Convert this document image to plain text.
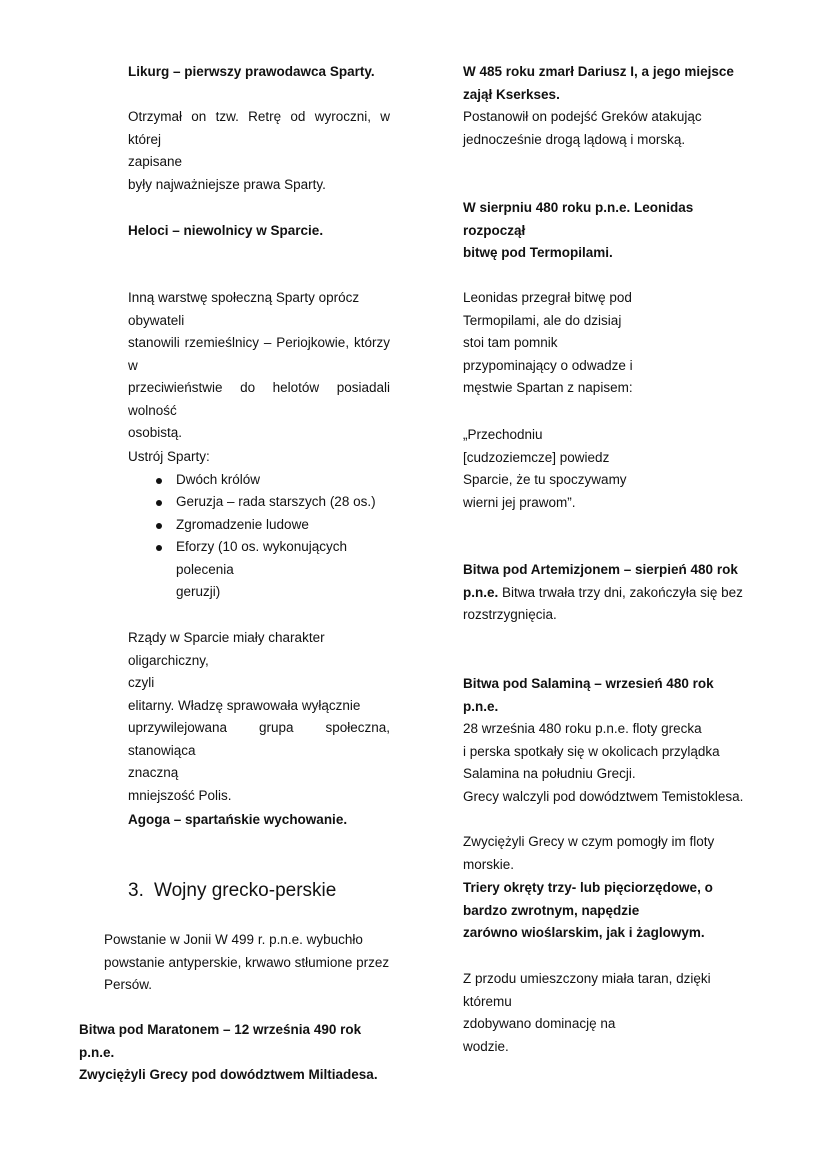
Likurg – pierwszy prawodawca Sparty.

Otrzymał on tzw. Retrę od wyroczni, w której

zapisane

były najważniejsze prawa Sparty.

Heloci – niewolnicy w Sparcie.

Inną warstwę społeczną Sparty oprócz

obywateli

stanowili rzemieślnicy – Periojkowie, którzy w

przeciwieństwie do helotów posiadali wolność

osobistą.

Ustrój Sparty:

Dwóch królów
Geruzja – rada starszych (28 os.)
Zgromadzenie ludowe
Eforzy (10 os. wykonujących polecenia
geruzji)

Rządy w Sparcie miały charakter oligarchiczny,

czyli

elitarny. Władzę sprawowała wyłącznie

uprzywilejowana grupa społeczna, stanowiąca

znaczną

mniejszość Polis.

Agoga – spartańskie wychowanie.

3. Wojny grecko-perskie

Powstanie w Jonii W 499 r. p.n.e. wybuchło

powstanie antyperskie, krwawo stłumione przez

Persów.

Bitwa pod Maratonem – 12 września 490 rok p.n.e.

Zwyciężyli Grecy pod dowództwem Miltiadesa.

W 485 roku zmarł Dariusz I, a jego miejsce

zajął Kserkses.

Postanowił on podejść Greków atakując

jednocześnie drogą lądową i morską.

W sierpniu 480 roku p.n.e. Leonidas rozpoczął

bitwę pod Termopilami.

Leonidas przegrał bitwę pod

Termopilami, ale do dzisiaj

stoi tam pomnik

przypominający o odwadze i

męstwie Spartan z napisem:

„Przechodniu

[cudzoziemcze] powiedz

Sparcie, że tu spoczywamy

wierni jej prawom”.

Bitwa pod Artemizjonem – sierpień 480 rok

p.n.e. Bitwa trwała trzy dni, zakończyła się bez

rozstrzygnięcia.

Bitwa pod Salaminą – wrzesień 480 rok p.n.e.

28 września 480 roku p.n.e. floty grecka

i perska spotkały się w okolicach przylądka

Salamina na południu Grecji.

Grecy walczyli pod dowództwem Temistoklesa.

Zwyciężyli Grecy w czym pomogły im floty morskie.

Triery okręty trzy- lub pięciorzędowe, o

bardzo zwrotnym, napędzie

zarówno wioślarskim, jak i żaglowym.

Z przodu umieszczony miała taran, dzięki któremu

zdobywano dominację na

wodzie.
